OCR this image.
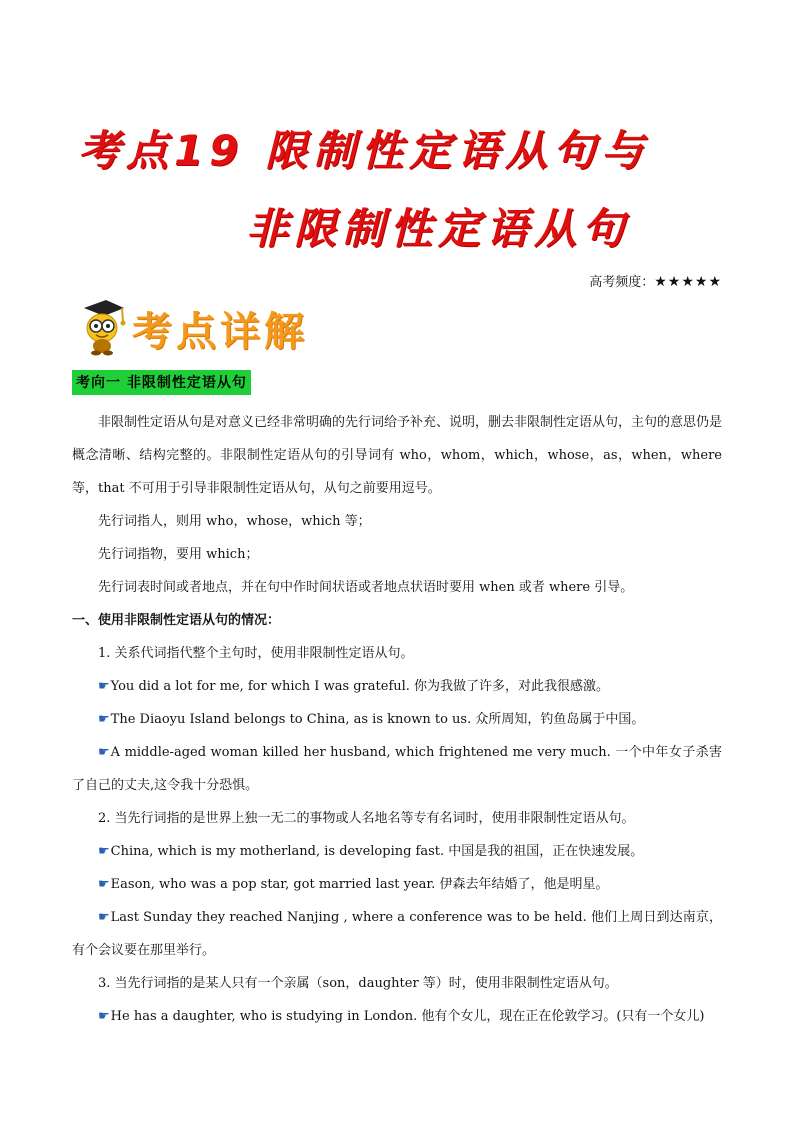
考点19 限制性定语从句与
非限制性定语从句
高考频度：★★★★★
考点详解
考向一 非限制性定语从句

非限制性定语从句是对意义已经非常明确的先行词给予补充、说明，删去非限制性定语从句，主句的意思仍是概念清晰、结构完整的。非限制性定语从句的引导词有 who，whom，which，whose，as，when，where 等，that 不可用于引导非限制性定语从句，从句之前要用逗号。

先行词指人，则用 who，whose，which 等；

先行词指物，要用 which；

先行词表时间或者地点，并在句中作时间状语或者地点状语时要用 when 或者 where 引导。

一、使用非限制性定语从句的情况：

1. 关系代词指代整个主句时，使用非限制性定语从句。

☛You did a lot for me, for which I was grateful. 你为我做了许多，对此我很感激。

☛The Diaoyu Island belongs to China, as is known to us. 众所周知，钓鱼岛属于中国。

☛A middle-aged woman killed her husband, which frightened me very much. 一个中年女子杀害了自己的丈夫,这令我十分恐惧。

2. 当先行词指的是世界上独一无二的事物或人名地名等专有名词时，使用非限制性定语从句。

☛China, which is my motherland, is developing fast. 中国是我的祖国，正在快速发展。

☛Eason, who was a pop star, got married last year. 伊森去年结婚了，他是明星。

☛Last Sunday they reached Nanjing , where a conference was to be held. 他们上周日到达南京，有个会议要在那里举行。

3. 当先行词指的是某人只有一个亲属（son，daughter 等）时，使用非限制性定语从句。

☛He has a daughter, who is studying in London. 他有个女儿，现在正在伦敦学习。(只有一个女儿)
